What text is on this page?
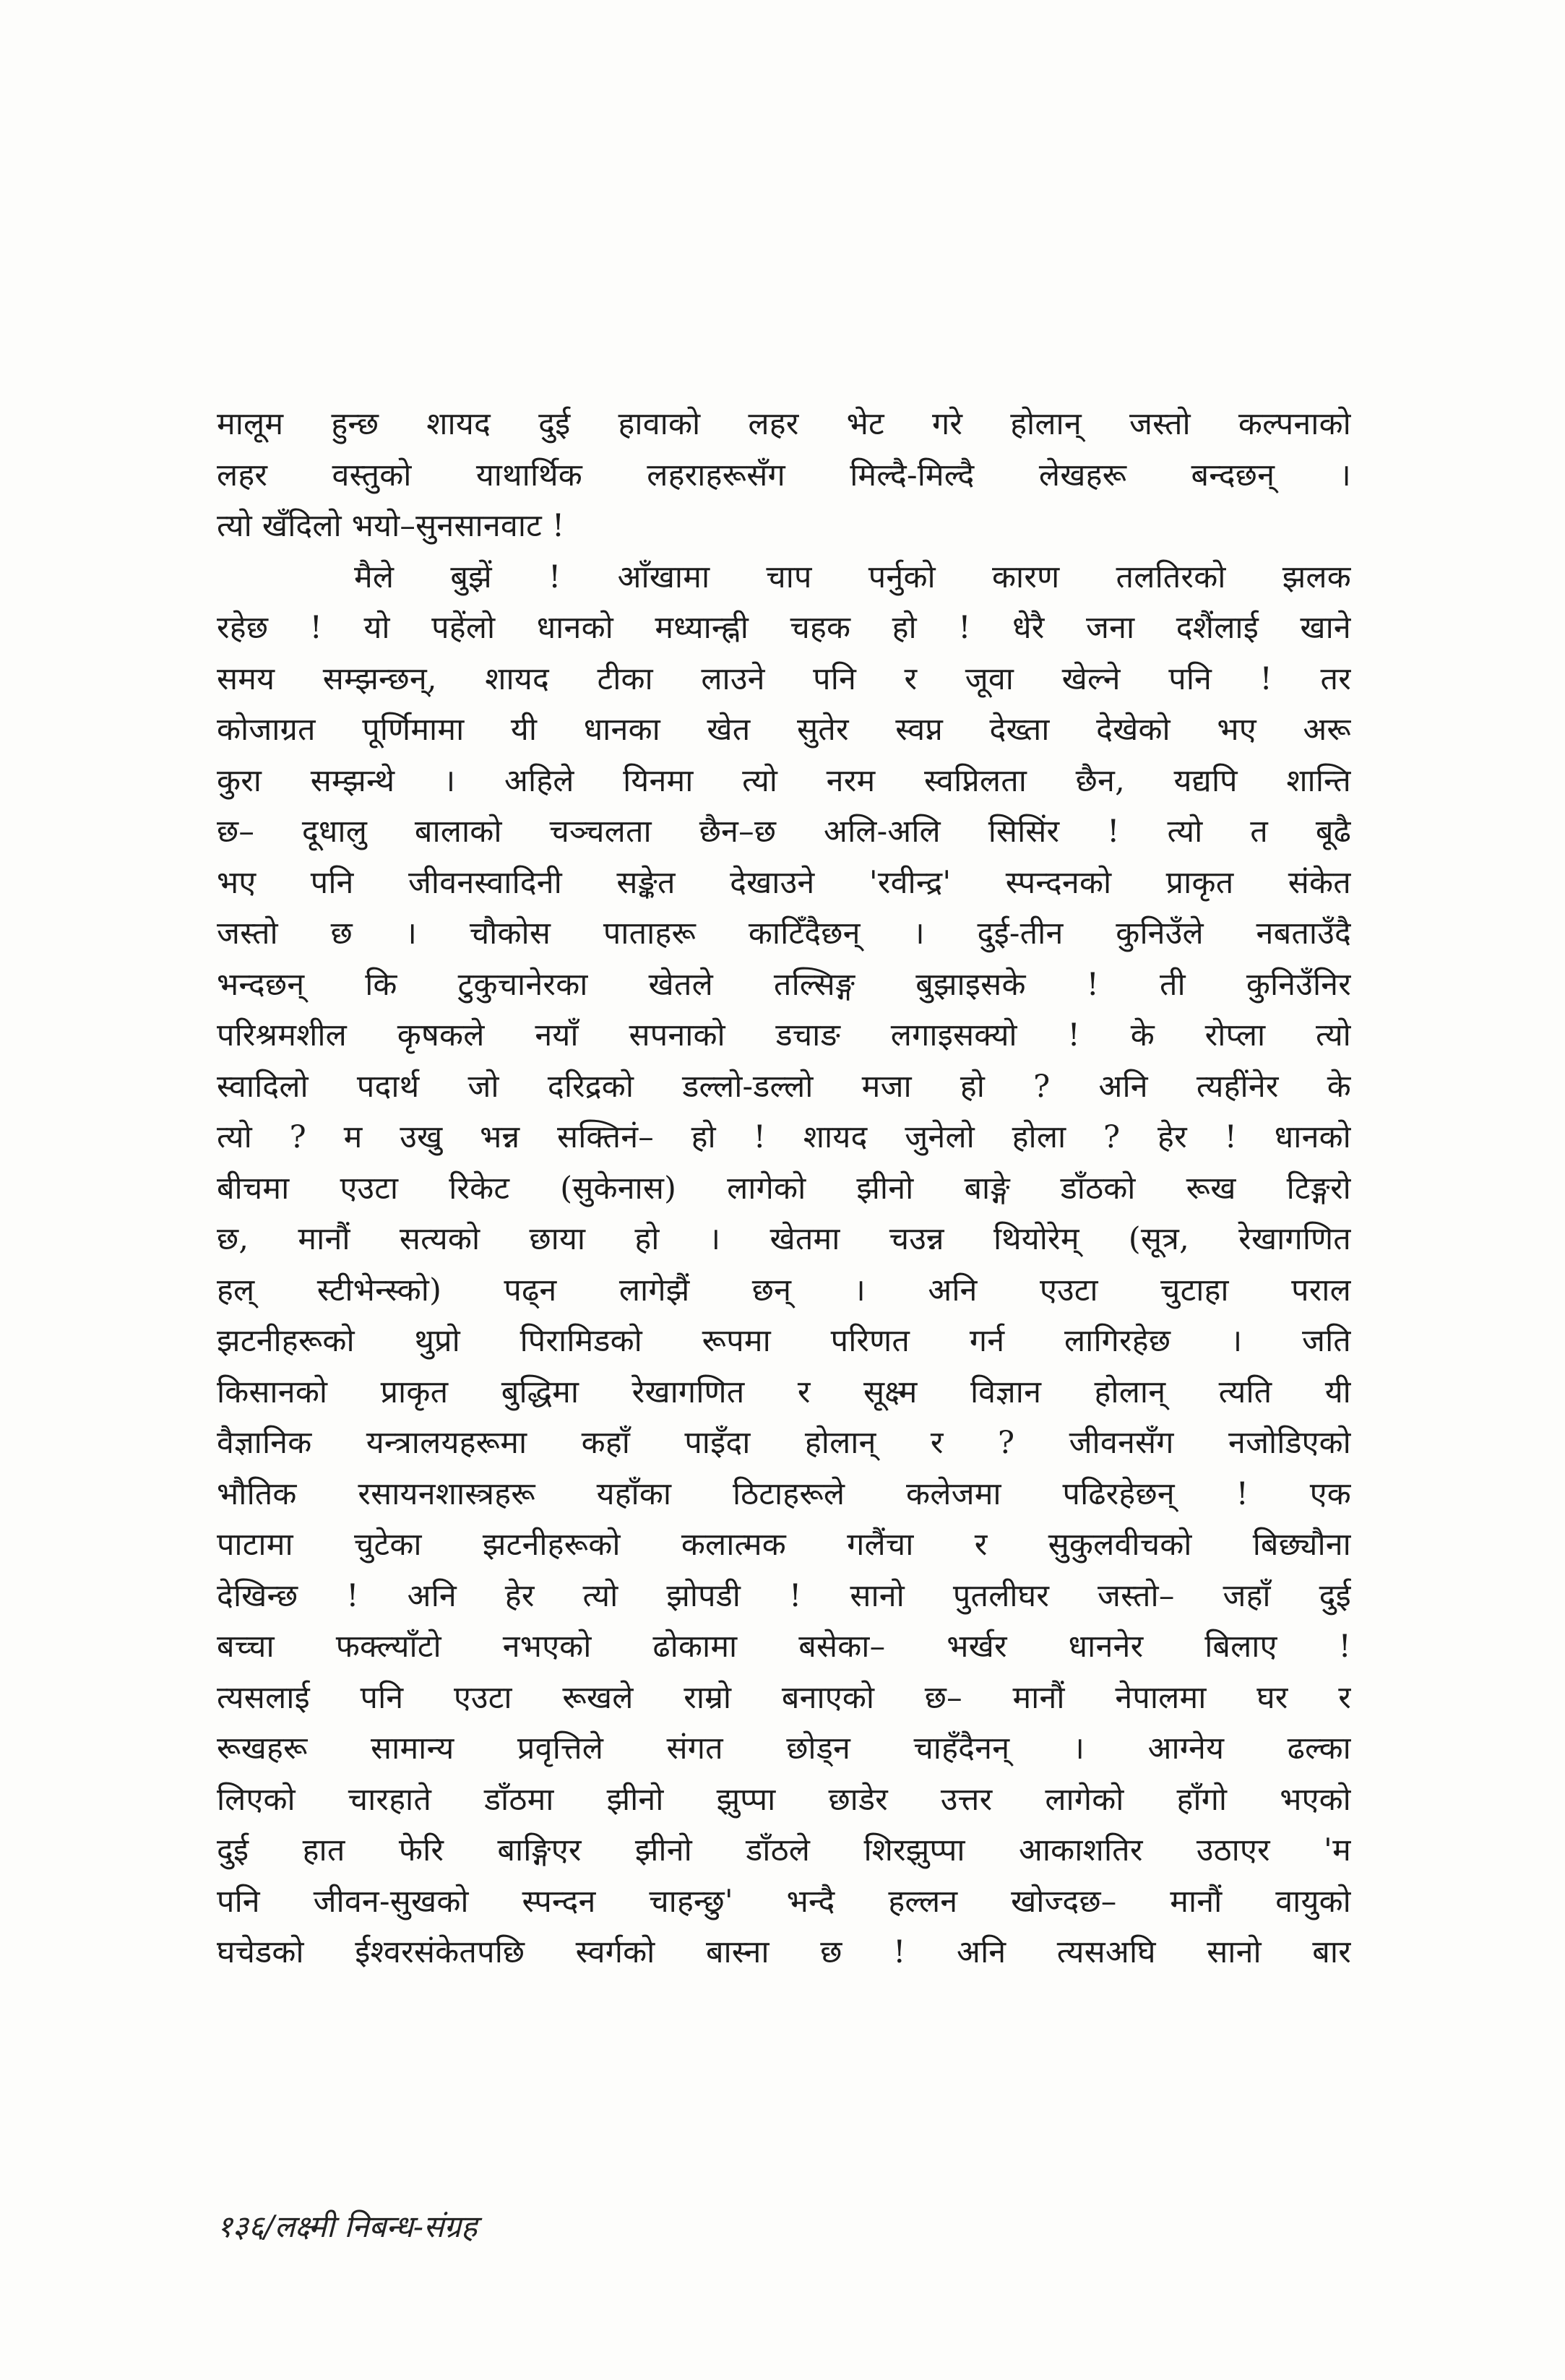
मालूम हुन्छ शायद दुई हावाको लहर भेट गरे होलान् जस्तो कल्पनाको
लहर वस्तुको याथार्थिक लहराहरूसँग मिल्दै-मिल्दै लेखहरू बन्दछन् ।
त्यो खँदिलो भयो–सुनसानवाट !
मैले बुझें ! आँखामा चाप पर्नुको कारण तलतिरको झलक
रहेछ ! यो पहेंलो धानको मध्यान्ह्नी चहक हो ! धेरै जना दशैंलाई खाने
समय सम्झन्छन्, शायद टीका लाउने पनि र जूवा खेल्ने पनि ! तर
कोजाग्रत पूर्णिमामा यी धानका खेत सुतेर स्वप्न देख्ता देखेको भए अरू
कुरा सम्झन्थे । अहिले यिनमा त्यो नरम स्वप्निलता छैन, यद्यपि शान्ति
छ– दूधालु बालाको चञ्चलता छैन–छ अलि-अलि सिसिंर ! त्यो त बूढै
भए पनि जीवनस्वादिनी सङ्केत देखाउने 'रवीन्द्र' स्पन्दनको प्राकृत संकेत
जस्तो छ । चौकोस पाताहरू काटिँदैछन् । दुई-तीन कुनिउँले नबताउँदै
भन्दछन् कि टुकुचानेरका खेतले तल्सिङ्ग बुझाइसके ! ती कुनिउँनिर
परिश्रमशील कृषकले नयाँ सपनाको डचाङ लगाइसक्यो ! के रोप्ला त्यो
स्वादिलो पदार्थ जो दरिद्रको डल्लो-डल्लो मजा हो ? अनि त्यहींनेर के
त्यो ? म उखु भन्न सक्तिनं– हो ! शायद जुनेलो होला ? हेर ! धानको
बीचमा एउटा रिकेट (सुकेनास) लागेको झीनो बाङ्गे डाँठको रूख टिङ्गरो
छ, मानौं सत्यको छाया हो । खेतमा चउन्न थियोरेम् (सूत्र, रेखागणित
हल् स्टीभेन्स्को) पढ्न लागेझैं छन् । अनि एउटा चुटाहा पराल
झटनीहरूको थुप्रो पिरामिडको रूपमा परिणत गर्न लागिरहेछ । जति
किसानको प्राकृत बुद्धिमा रेखागणित र सूक्ष्म विज्ञान होलान् त्यति यी
वैज्ञानिक यन्त्रालयहरूमा कहाँ पाइँदा होलान् र ? जीवनसँग नजोडिएको
भौतिक रसायनशास्त्रहरू यहाँका ठिटाहरूले कलेजमा पढिरहेछन् ! एक
पाटामा चुटेका झटनीहरूको कलात्मक गलैंचा र सुकुलवीचको बिछ्यौना
देखिन्छ ! अनि हेर त्यो झोपडी ! सानो पुतलीघर जस्तो– जहाँ दुई
बच्चा फक्ल्याँटो नभएको ढोकामा बसेका– भर्खर धाननेर बिलाए !
त्यसलाई पनि एउटा रूखले राम्रो बनाएको छ– मानौं नेपालमा घर र
रूखहरू सामान्य प्रवृत्तिले संगत छोड्न चाहँदैनन् । आग्नेय ढल्का
लिएको चारहाते डाँठमा झीनो झुप्पा छाडेर उत्तर लागेको हाँगो भएको
दुई हात फेरि बाङ्गिएर झीनो डाँठले शिरझुप्पा आकाशतिर उठाएर 'म
पनि जीवन-सुखको स्पन्दन चाहन्छु' भन्दै हल्लन खोज्दछ– मानौं वायुको
घचेडको ईश्वरसंकेतपछि स्वर्गको बास्ना छ ! अनि त्यसअघि सानो बार
१३६/लक्ष्मी निबन्ध-संग्रह
